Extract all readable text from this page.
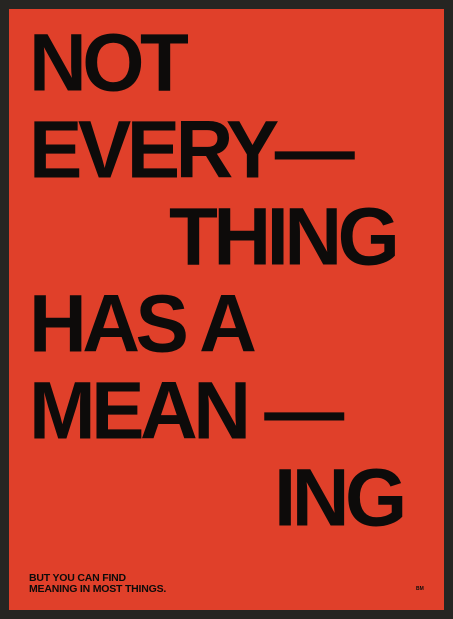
NOT
EVERY—
THING
HAS A
MEAN —
ING
BUT YOU CAN FIND
MEANING IN MOST THINGS.	BM
